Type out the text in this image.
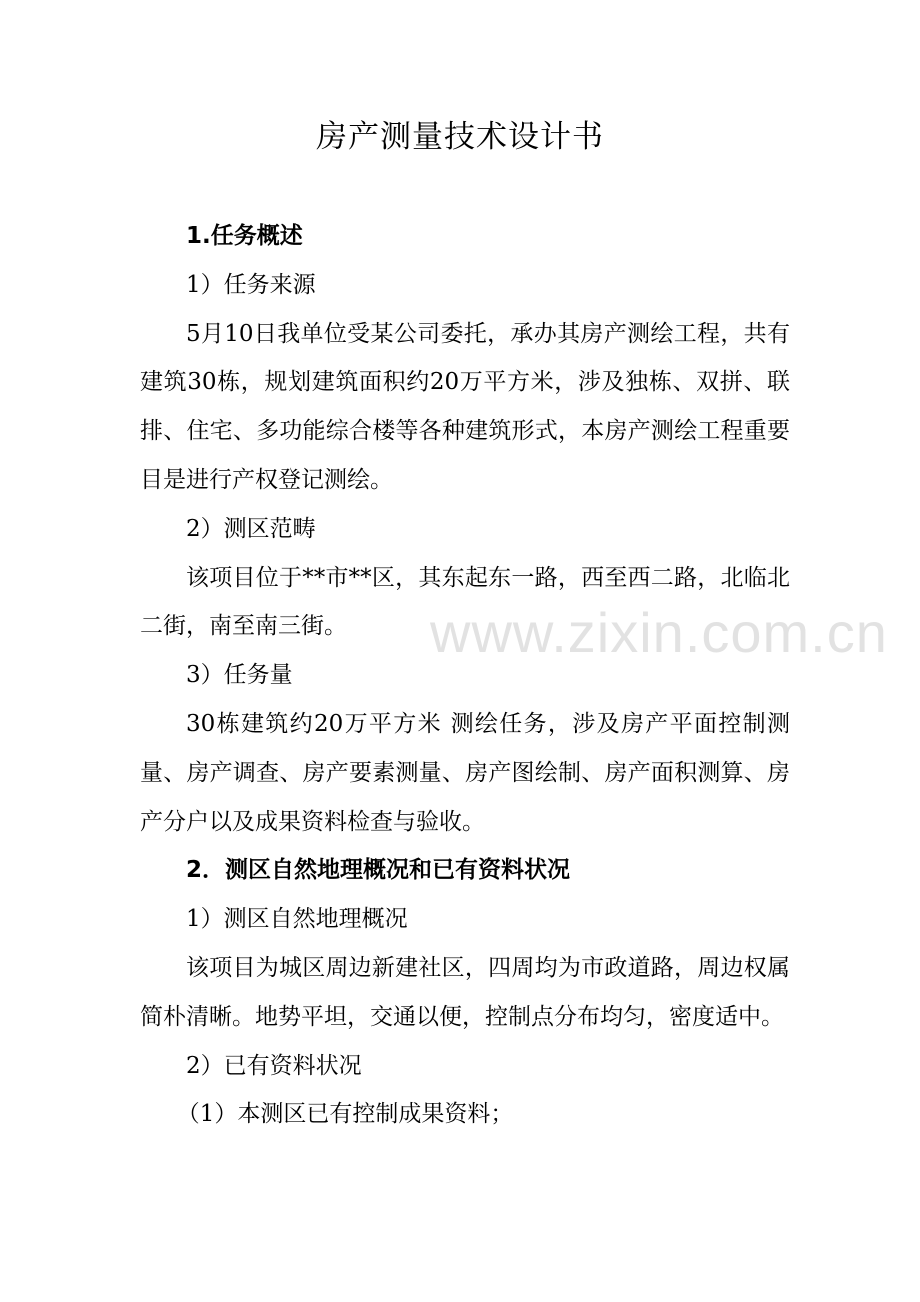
房产测量技术设计书

1.任务概述

1）任务来源

5月10日我单位受某公司委托，承办其房产测绘工程，共有建筑30栋，规划建筑面积约20万平方米，涉及独栋、双拼、联排、住宅、多功能综合楼等各种建筑形式，本房产测绘工程重要目是进行产权登记测绘。

2）测区范畴

该项目位于**市**区，其东起东一路，西至西二路，北临北二街，南至南三街。

3）任务量

30栋建筑约20万平方米 测绘任务，涉及房产平面控制测量、房产调查、房产要素测量、房产图绘制、房产面积测算、房产分户以及成果资料检查与验收。

2．测区自然地理概况和已有资料状况

1）测区自然地理概况

该项目为城区周边新建社区，四周均为市政道路，周边权属简朴清晰。地势平坦，交通以便，控制点分布均匀，密度适中。

2）已有资料状况

（1）本测区已有控制成果资料；

www.zixin.com.cn
